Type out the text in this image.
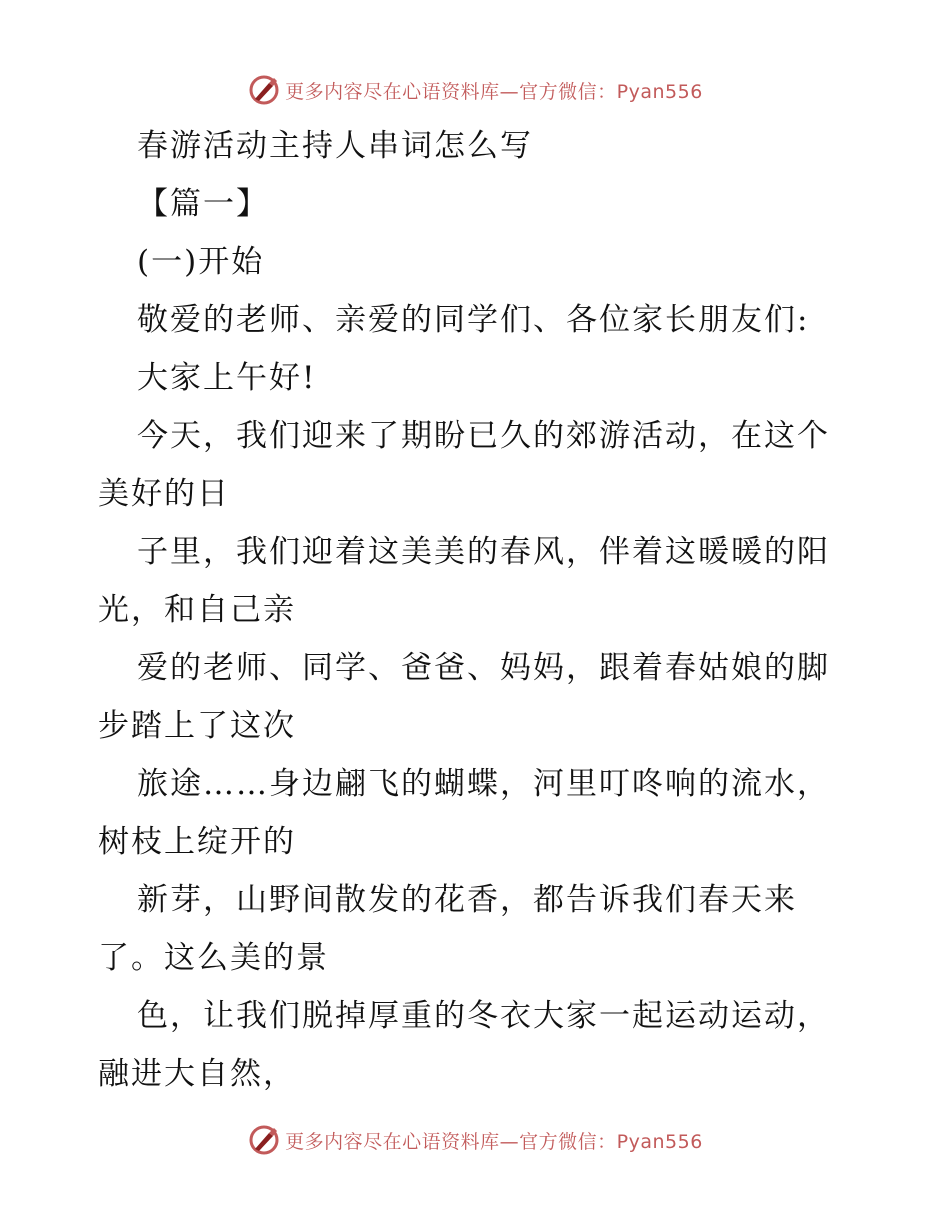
更多内容尽在心语资料库—官方微信：Pyan556
春游活动主持人串词怎么写
【篇一】
(一)开始
敬爱的老师、亲爱的同学们、各位家长朋友们:
大家上午好!
今天，我们迎来了期盼已久的郊游活动，在这个
美好的日
子里，我们迎着这美美的春风，伴着这暖暖的阳
光，和自己亲
爱的老师、同学、爸爸、妈妈，跟着春姑娘的脚
步踏上了这次
旅途……身边翩飞的蝴蝶，河里叮咚响的流水，
树枝上绽开的
新芽，山野间散发的花香，都告诉我们春天来
了。这么美的景
色，让我们脱掉厚重的冬衣大家一起运动运动，
融进大自然，
更多内容尽在心语资料库—官方微信：Pyan556
